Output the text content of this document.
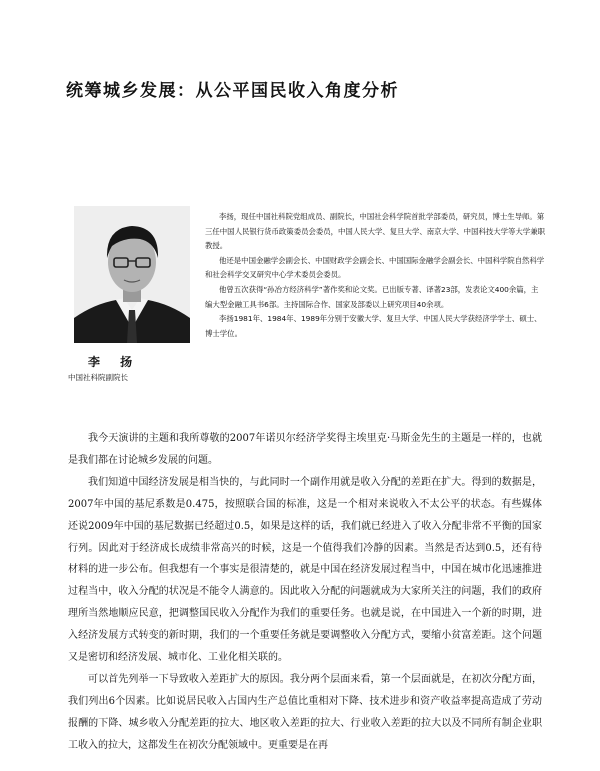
统筹城乡发展：从公平国民收入角度分析
李 扬
中国社科院副院长

李扬，现任中国社科院党组成员、副院长，中国社会科学院首批学部委员，研究员，博士生导师。第三任中国人民银行货币政策委员会委员，中国人民大学、复旦大学、南京大学、中国科技大学等大学兼职教授。

他还是中国金融学会副会长、中国财政学会副会长、中国国际金融学会副会长、中国科学院自然科学和社会科学交叉研究中心学术委员会委员。

他曾五次获得“孙冶方经济科学”著作奖和论文奖。已出版专著、译著23部，发表论文400余篇，主编大型金融工具书6部。主持国际合作、国家及部委以上研究项目40余项。

李扬1981年、1984年、1989年分别于安徽大学、复旦大学、中国人民大学获经济学学士、硕士、博士学位。

我今天演讲的主题和我所尊敬的2007年诺贝尔经济学奖得主埃里克·马斯金先生的主题是一样的，也就是我们都在讨论城乡发展的问题。

我们知道中国经济发展是相当快的，与此同时一个副作用就是收入分配的差距在扩大。得到的数据是，2007年中国的基尼系数是0.475，按照联合国的标准，这是一个相对来说收入不太公平的状态。有些媒体还说2009年中国的基尼数据已经超过0.5，如果是这样的话，我们就已经进入了收入分配非常不平衡的国家行列。因此对于经济成长成绩非常高兴的时候，这是一个值得我们冷静的因素。当然是否达到0.5，还有待材料的进一步公布。但我想有一个事实是很清楚的，就是中国在经济发展过程当中，中国在城市化迅速推进过程当中，收入分配的状况是不能令人满意的。因此收入分配的问题就成为大家所关注的问题，我们的政府理所当然地顺应民意，把调整国民收入分配作为我们的重要任务。也就是说，在中国进入一个新的时期，进入经济发展方式转变的新时期，我们的一个重要任务就是要调整收入分配方式，要缩小贫富差距。这个问题又是密切和经济发展、城市化、工业化相关联的。

可以首先列举一下导致收入差距扩大的原因。我分两个层面来看，第一个层面就是，在初次分配方面，我们列出6个因素。比如说居民收入占国内生产总值比重相对下降、技术进步和资产收益率提高造成了劳动报酬的下降、城乡收入分配差距的拉大、地区收入差距的拉大、行业收入差距的拉大以及不同所有制企业职工收入的拉大，这都发生在初次分配领域中。更重要是在再
